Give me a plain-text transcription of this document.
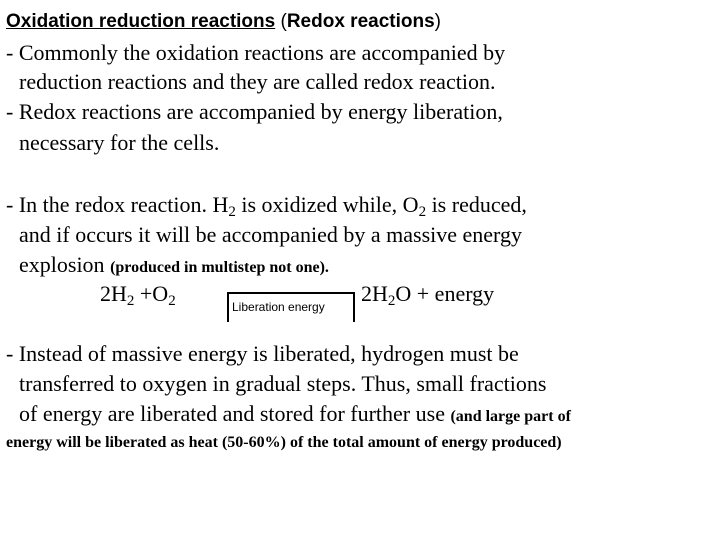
Oxidation reduction reactions (Redox reactions)
- Commonly the oxidation reactions are accompanied by
reduction reactions and they are called redox reaction.
- Redox reactions are accompanied by energy liberation,
necessary for the cells.
- In the redox reaction. $H_2$ is oxidized while, $O_2$ is reduced,
and if occurs it will be accompanied by a massive energy
explosion (produced in multistep not one).
$2H_2 +O_2$	Liberation energy
$2H_2O$ + energy
- Instead of massive energy is liberated, hydrogen must be
transferred to oxygen in gradual steps. Thus, small fractions
of energy are liberated and stored for further use (and large part of
energy will be liberated as heat (50-60%) of the total amount of energy produced)
